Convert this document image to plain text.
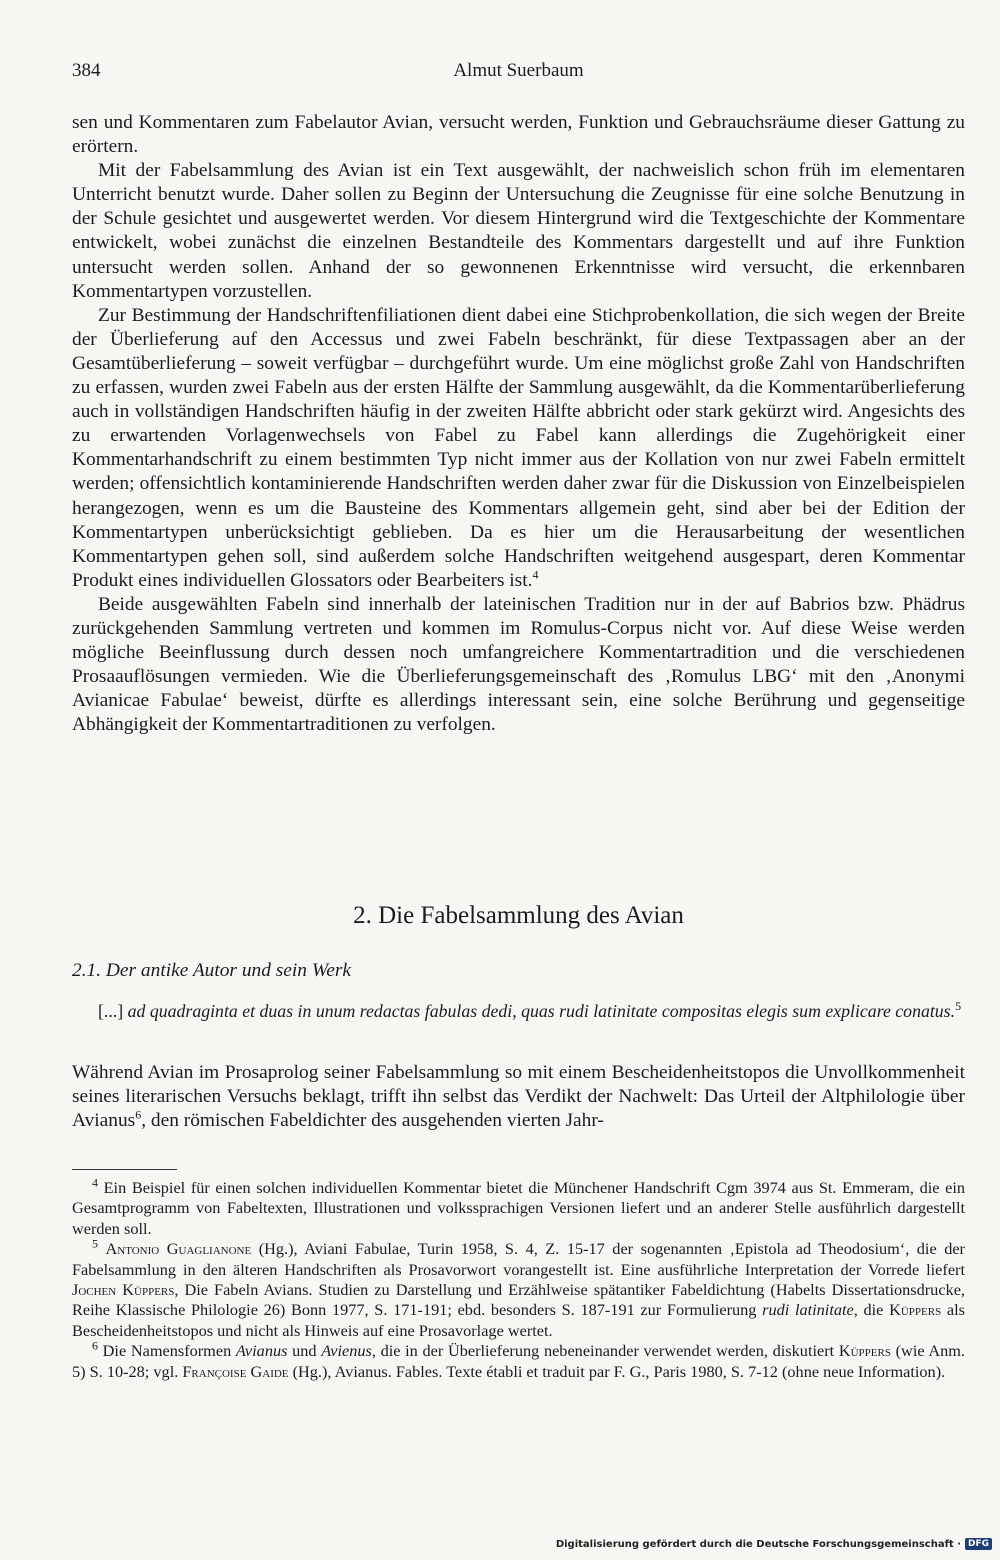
384	Almut Suerbaum

sen und Kommentaren zum Fabelautor Avian, versucht werden, Funktion und Gebrauchsräume dieser Gattung zu erörtern.

Mit der Fabelsammlung des Avian ist ein Text ausgewählt, der nachweislich schon früh im elementaren Unterricht benutzt wurde. Daher sollen zu Beginn der Untersuchung die Zeugnisse für eine solche Benutzung in der Schule gesichtet und ausgewertet werden. Vor diesem Hintergrund wird die Textgeschichte der Kommentare entwickelt, wobei zunächst die einzelnen Bestandteile des Kommentars dargestellt und auf ihre Funktion untersucht werden sollen. Anhand der so gewonnenen Erkenntnisse wird versucht, die erkennbaren Kommentartypen vorzustellen.

Zur Bestimmung der Handschriftenfiliationen dient dabei eine Stichprobenkollation, die sich wegen der Breite der Überlieferung auf den Accessus und zwei Fabeln beschränkt, für diese Textpassagen aber an der Gesamtüberlieferung – soweit verfügbar – durchgeführt wurde. Um eine möglichst große Zahl von Handschriften zu erfassen, wurden zwei Fabeln aus der ersten Hälfte der Sammlung ausgewählt, da die Kommentarüberlieferung auch in vollständigen Handschriften häufig in der zweiten Hälfte abbricht oder stark gekürzt wird. Angesichts des zu erwartenden Vorlagenwechsels von Fabel zu Fabel kann allerdings die Zugehörigkeit einer Kommentarhandschrift zu einem bestimmten Typ nicht immer aus der Kollation von nur zwei Fabeln ermittelt werden; offensichtlich kontaminierende Handschriften werden daher zwar für die Diskussion von Einzelbeispielen herangezogen, wenn es um die Bausteine des Kommentars allgemein geht, sind aber bei der Edition der Kommentartypen unberücksichtigt geblieben. Da es hier um die Herausarbeitung der wesentlichen Kommentartypen gehen soll, sind außerdem solche Handschriften weitgehend ausgespart, deren Kommentar Produkt eines individuellen Glossators oder Bearbeiters ist.$^4$

Beide ausgewählten Fabeln sind innerhalb der lateinischen Tradition nur in der auf Babrios bzw. Phädrus zurückgehenden Sammlung vertreten und kommen im Romulus-Corpus nicht vor. Auf diese Weise werden mögliche Beeinflussung durch dessen noch umfangreichere Kommentartradition und die verschiedenen Prosaauflösungen vermieden. Wie die Überlieferungsgemeinschaft des ‚Romulus LBG‘ mit den ‚Anonymi Avianicae Fabulae‘ beweist, dürfte es allerdings interessant sein, eine solche Berührung und gegenseitige Abhängigkeit der Kommentartraditionen zu verfolgen.

2. Die Fabelsammlung des Avian
2.1. Der antike Autor und sein Werk
[...] ad quadraginta et duas in unum redactas fabulas dedi, quas rudi latinitate compositas elegis sum explicare conatus.$^5$
Während Avian im Prosaprolog seiner Fabelsammlung so mit einem Bescheidenheitstopos die Unvollkommenheit seines literarischen Versuchs beklagt, trifft ihn selbst das Verdikt der Nachwelt: Das Urteil der Altphilologie über Avianus$^6$, den römischen Fabeldichter des ausgehenden vierten Jahr-

$^4$ Ein Beispiel für einen solchen individuellen Kommentar bietet die Münchener Handschrift Cgm 3974 aus St. Emmeram, die ein Gesamtprogramm von Fabeltexten, Illustrationen und volkssprachigen Versionen liefert und an anderer Stelle ausführlich dargestellt werden soll.

$^5$ Antonio Guaglianone (Hg.), Aviani Fabulae, Turin 1958, S. 4, Z. 15-17 der sogenannten ‚Epistola ad Theodosium‘, die der Fabelsammlung in den älteren Handschriften als Prosavorwort vorangestellt ist. Eine ausführliche Interpretation der Vorrede liefert Jochen Küppers, Die Fabeln Avians. Studien zu Darstellung und Erzählweise spätantiker Fabeldichtung (Habelts Dissertationsdrucke, Reihe Klassische Philologie 26) Bonn 1977, S. 171-191; ebd. besonders S. 187-191 zur Formulierung rudi latinitate, die Küppers als Bescheidenheitstopos und nicht als Hinweis auf eine Prosavorlage wertet.

$^6$ Die Namensformen Avianus und Avienus, die in der Überlieferung nebeneinander verwendet werden, diskutiert Küppers (wie Anm. 5) S. 10-28; vgl. Françoise Gaide (Hg.), Avianus. Fables. Texte établi et traduit par F. G., Paris 1980, S. 7-12 (ohne neue Information).

Digitalisierung gefördert durch die Deutsche Forschungsgemeinschaft · DFG
